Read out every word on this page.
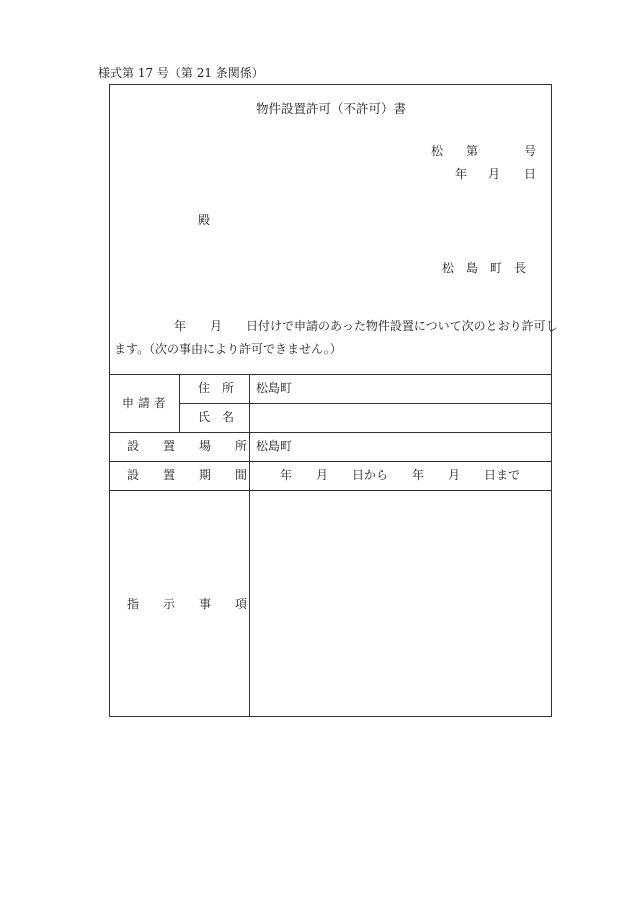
様式第 17 号（第 21 条関係）
物件設置許可（不許可）書
松 第	号
年 月 日
殿
松　島　町　長
年　　月　　日付けで申請のあった物件設置について次のとおり許可し
ます。（次の事由により許可できません。）
申 請 者
住　所 松島町
氏　名
設　　置　　場　　所 松島町
設　　置　　期　　間	年　　月　　日から　　年　　月　　日まで
指　　示　　事　　項
